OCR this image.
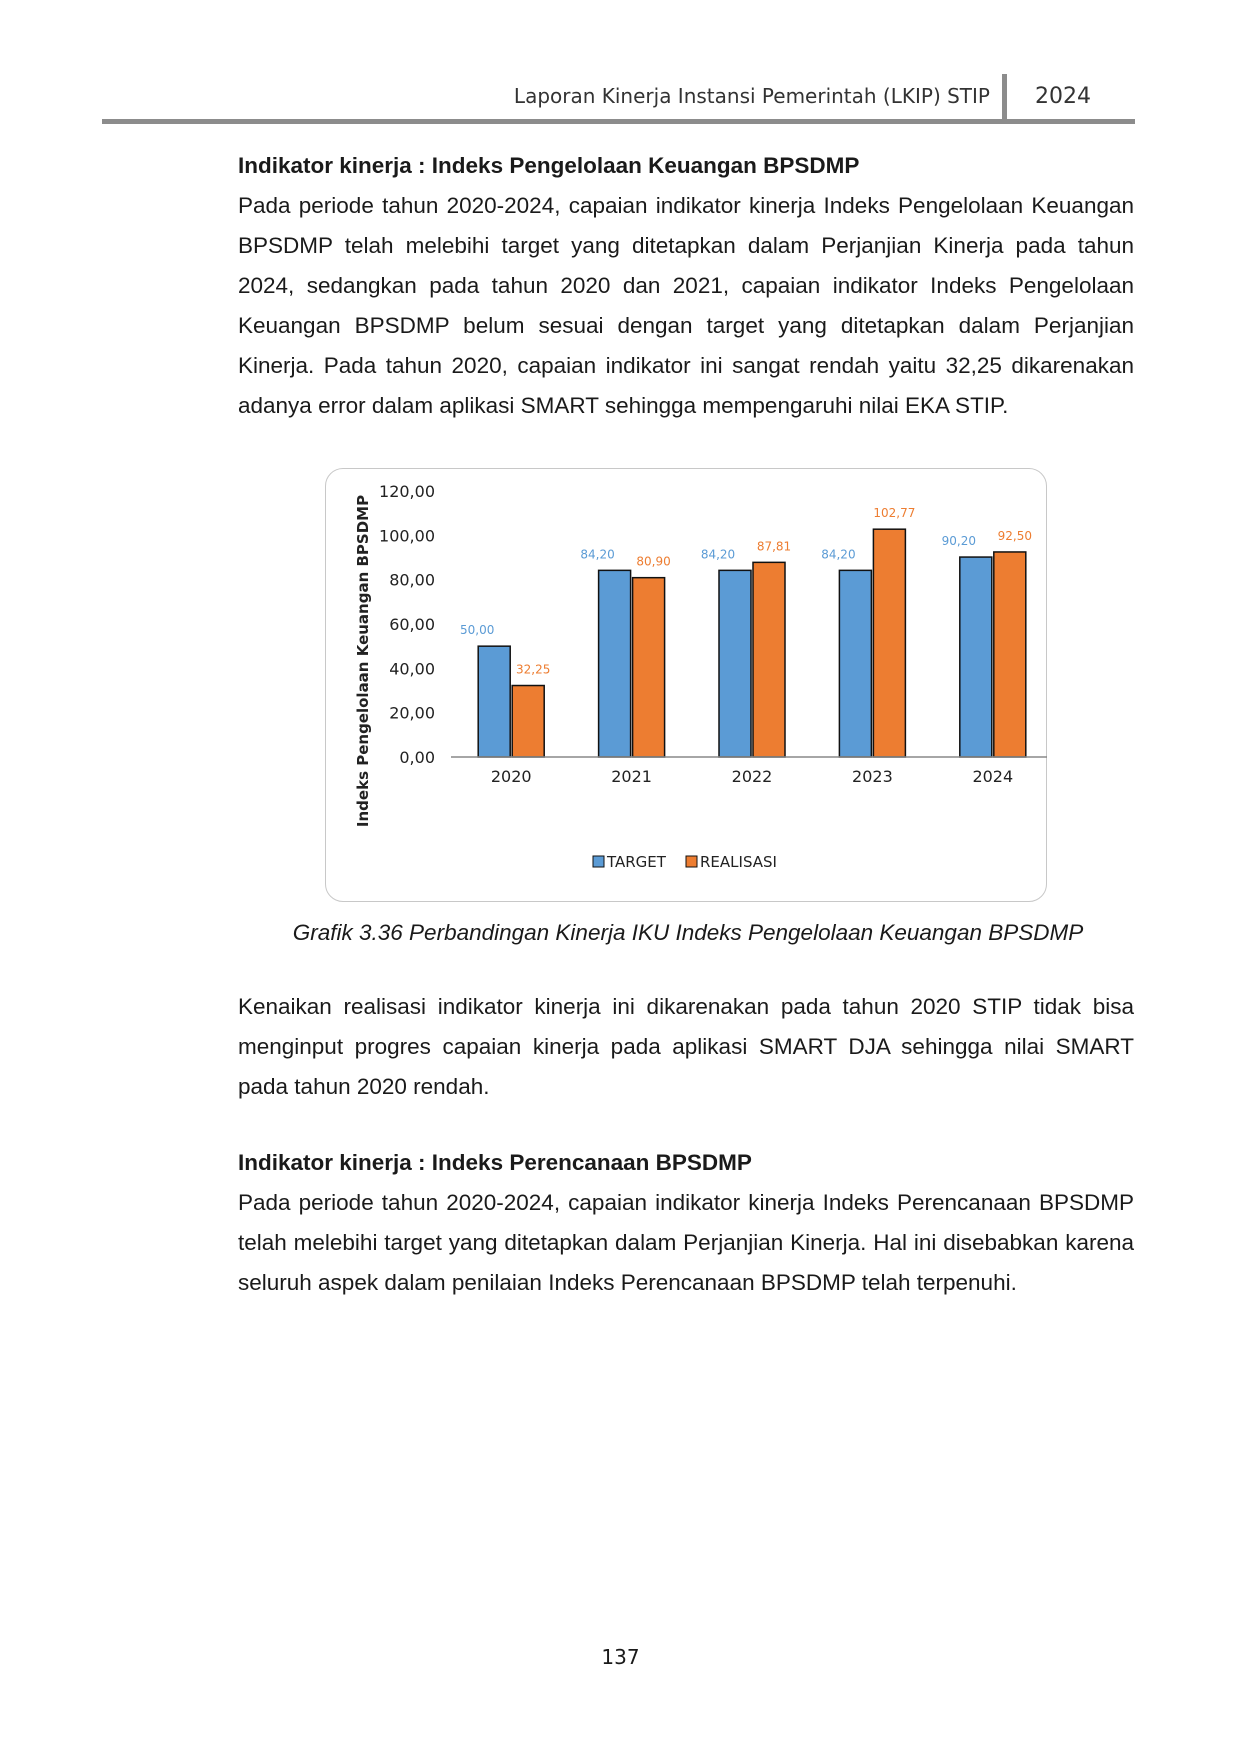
Laporan Kinerja Instansi Pemerintah (LKIP) STIP 2024
Indikator kinerja : Indeks Pengelolaan Keuangan BPSDMP
Pada periode tahun 2020-2024, capaian indikator kinerja Indeks Pengelolaan Keuangan BPSDMP telah melebihi target yang ditetapkan dalam Perjanjian Kinerja pada tahun 2024, sedangkan pada tahun 2020 dan 2021, capaian indikator Indeks Pengelolaan Keuangan BPSDMP belum sesuai dengan target yang ditetapkan dalam Perjanjian Kinerja. Pada tahun 2020, capaian indikator ini sangat rendah yaitu 32,25 dikarenakan adanya error dalam aplikasi SMART sehingga mempengaruhi nilai EKA STIP.
0,00
20,00
40,00
60,00
80,00
100,00
120,00
Indeks Pengelolaan Keuangan BPSDMP	50,00
32,25
2020
84,20
80,90
2021
84,20
87,81
2022
84,20
102,77
2023
90,20 92,50
2024
TARGET REALISASI
Grafik 3.36 Perbandingan Kinerja IKU Indeks Pengelolaan Keuangan BPSDMP
Kenaikan realisasi indikator kinerja ini dikarenakan pada tahun 2020 STIP tidak bisa menginput progres capaian kinerja pada aplikasi SMART DJA sehingga nilai SMART pada tahun 2020 rendah.
Indikator kinerja : Indeks Perencanaan BPSDMP
Pada periode tahun 2020-2024, capaian indikator kinerja Indeks Perencanaan BPSDMP telah melebihi target yang ditetapkan dalam Perjanjian Kinerja. Hal ini disebabkan karena seluruh aspek dalam penilaian Indeks Perencanaan BPSDMP telah terpenuhi.
137
